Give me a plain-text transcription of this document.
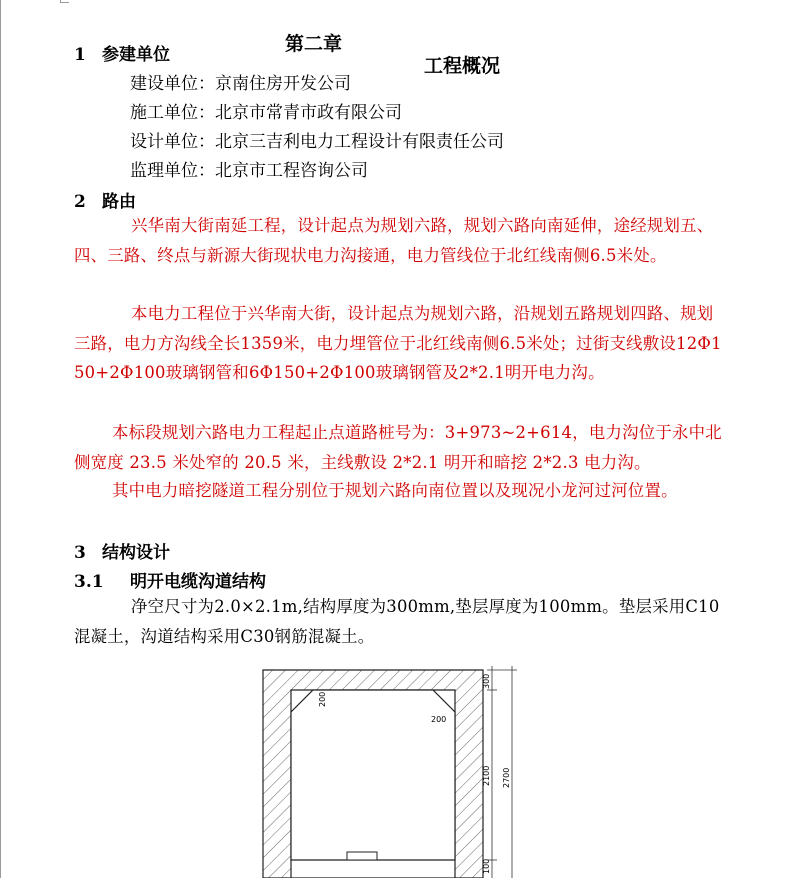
第二章

工程概况

1 参建单位
建设单位：京南住房开发公司
施工单位：北京市常青市政有限公司
设计单位：北京三吉利电力工程设计有限责任公司
监理单位：北京市工程咨询公司
2 路由
兴华南大街南延工程，设计起点为规划六路，规划六路向南延伸，途经规划五、四、三路、终点与新源大街现状电力沟接通，电力管线位于北红线南侧6.5米处。
本电力工程位于兴华南大街，设计起点为规划六路，沿规划五路规划四路、规划三路，电力方沟线全长1359米，电力埋管位于北红线南侧6.5米处；过街支线敷设12Φ150+2Φ100玻璃钢管和6Φ150+2Φ100玻璃钢管及2*2.1明开电力沟。
本标段规划六路电力工程起止点道路桩号为：3+973~2+614，电力沟位于永中北侧宽度 23.5 米处窄的 20.5 米，主线敷设 2*2.1 明开和暗挖 2*2.3 电力沟。
其中电力暗挖隧道工程分别位于规划六路向南位置以及现况小龙河过河位置。
3 结构设计
3.1 明开电缆沟道结构
净空尺寸为2.0×2.1m,结构厚度为300mm,垫层厚度为100mm。垫层采用C10混凝土，沟道结构采用C30钢筋混凝土。
200
200
300
2100 2700
100
